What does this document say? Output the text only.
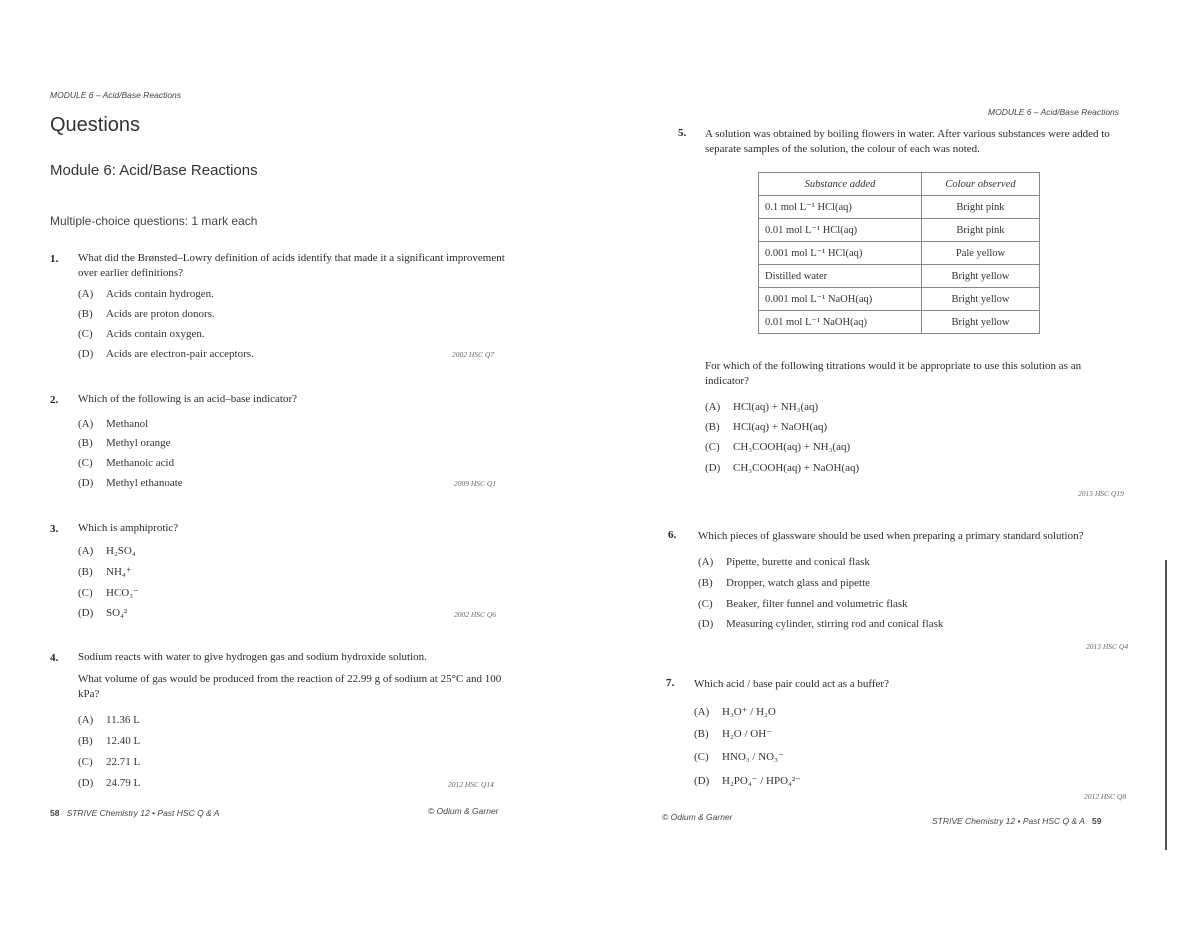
MODULE 6 – Acid/Base Reactions
Questions
Module 6: Acid/Base Reactions
Multiple-choice questions: 1 mark each
1. What did the Brønsted–Lowry definition of acids identify that made it a significant improvement over earlier definitions?
(A) Acids contain hydrogen.
(B) Acids are proton donors.
(C) Acids contain oxygen.
(D) Acids are electron-pair acceptors.	2002 HSC Q7
2. Which of the following is an acid–base indicator?
(A) Methanol
(B) Methyl orange
(C) Methanoic acid
(D) Methyl ethanoate	2009 HSC Q1
3. Which is amphiprotic?
(A) H₂SO₄
(B) NH₄⁺
(C) HCO₃⁻
(D) SO₄²	2002 HSC Q6
4. Sodium reacts with water to give hydrogen gas and sodium hydroxide solution.
What volume of gas would be produced from the reaction of 22.99 g of sodium at 25°C and 100 kPa?
(A) 11.36 L
(B) 12.40 L
(C) 22.71 L
(D) 24.79 L	2012 HSC Q14
58 STRIVE Chemistry 12 • Past HSC Q & A	© Odium & Garner
MODULE 6 – Acid/Base Reactions
5. A solution was obtained by boiling flowers in water. After various substances were added to separate samples of the solution, the colour of each was noted.
Substance added	Colour observed
0.1 mol L⁻¹ HCl(aq)	Bright pink
0.01 mol L⁻¹ HCl(aq)	Bright pink
0.001 mol L⁻¹ HCl(aq)	Pale yellow
Distilled water	Bright yellow
0.001 mol L⁻¹ NaOH(aq)	Bright yellow
0.01 mol L⁻¹ NaOH(aq)	Bright yellow
For which of the following titrations would it be appropriate to use this solution as an indicator?
(A) HCl(aq) + NH₃(aq)
(B) HCl(aq) + NaOH(aq)
(C) CH₃COOH(aq) + NH₃(aq)
(D) CH₃COOH(aq) + NaOH(aq)
2015 HSC Q19
6. Which pieces of glassware should be used when preparing a primary standard solution?
(A) Pipette, burette and conical flask
(B) Dropper, watch glass and pipette
(C) Beaker, filter funnel and volumetric flask
(D) Measuring cylinder, stirring rod and conical flask
2013 HSC Q4
7. Which acid / base pair could act as a buffer?
(A) H₃O⁺ / H₂O
(B) H₂O / OH⁻
(C) HNO₃ / NO₃⁻
(D) H₂PO₄⁻ / HPO₄²⁻
2012 HSC Q8
© Odium & Garner	STRIVE Chemistry 12 • Past HSC Q & A 59
